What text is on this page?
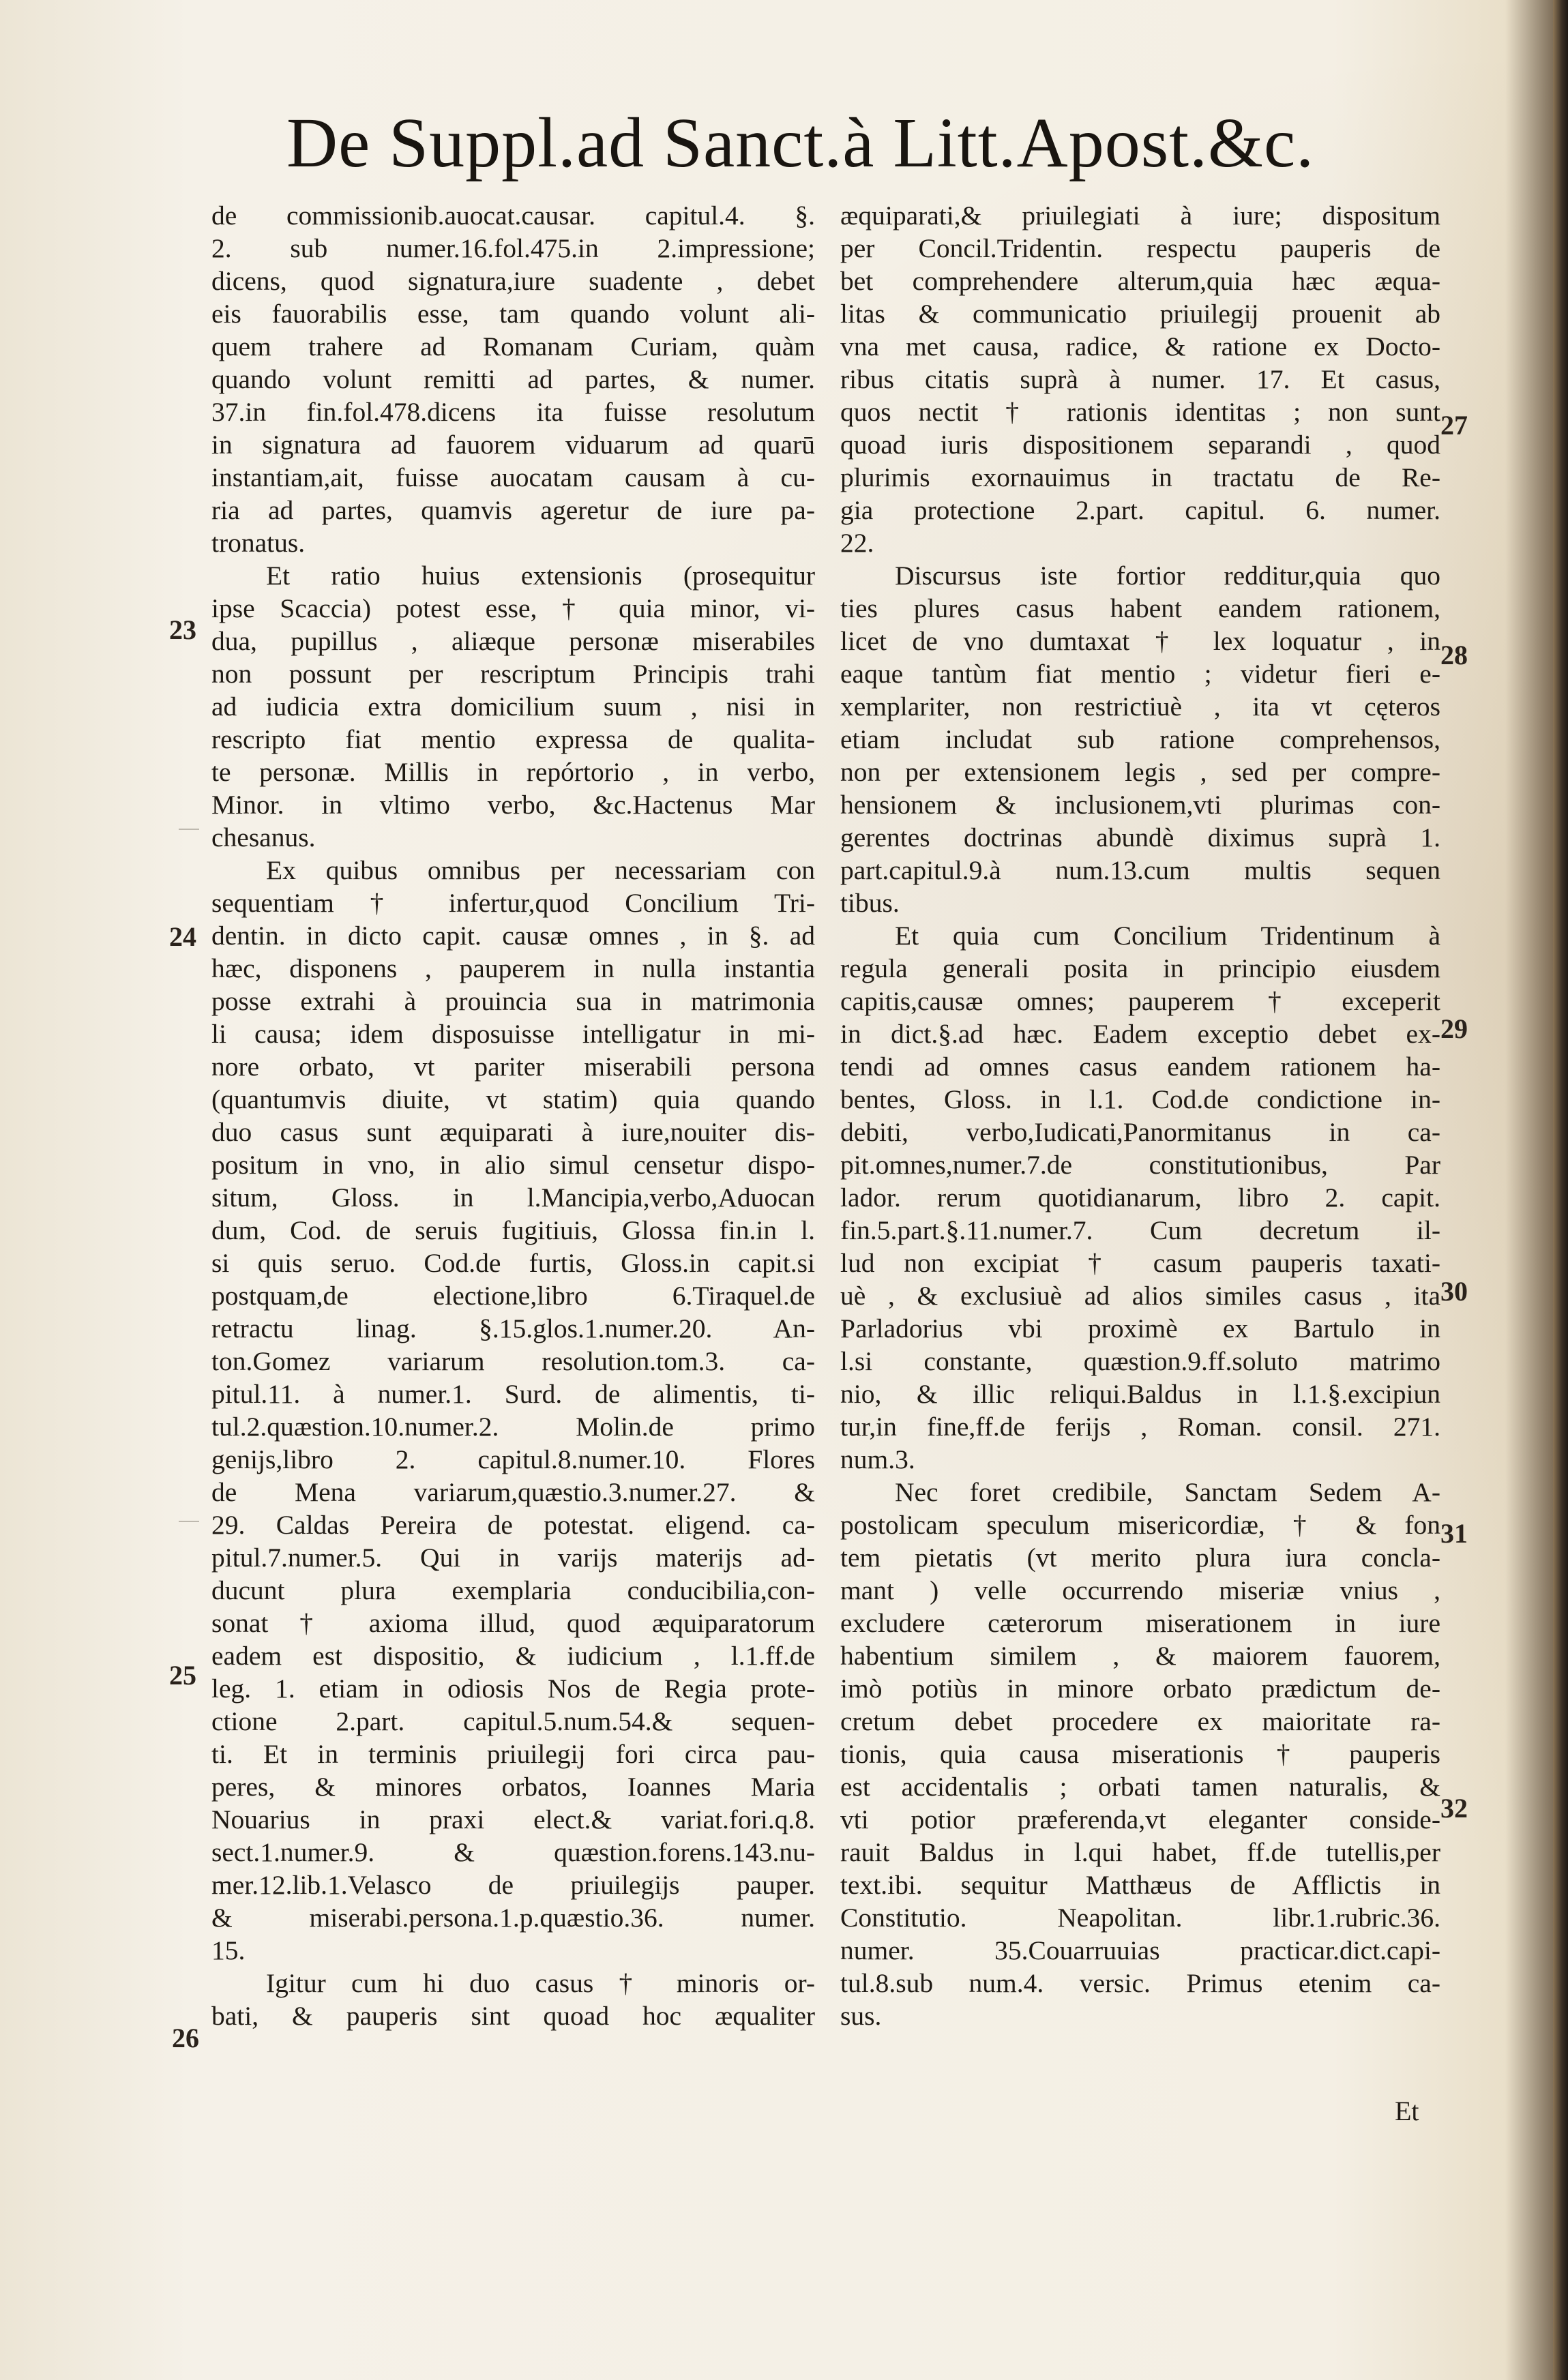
De Suppl.ad Sanct.à Litt.Apost.&c.
de commissionib.auocat.causar. capitul.4. §.
2. sub numer.16.fol.475.in 2.impressione;
dicens, quod signatura,iure suadente , debet
eis fauorabilis esse, tam quando volunt ali-
quem trahere ad Romanam Curiam, quàm
quando volunt remitti ad partes, & numer.
37.in fin.fol.478.dicens ita fuisse resolutum
in signatura ad fauorem viduarum ad quarū
instantiam,ait, fuisse auocatam causam à cu-
ria ad partes, quamvis ageretur de iure pa-
tronatus.
Et ratio huius extensionis (prosequitur
ipse Scaccia) potest esse, † quia minor, vi-
dua, pupillus , aliæque personæ miserabiles
non possunt per rescriptum Principis trahi
ad iudicia extra domicilium suum , nisi in
rescripto fiat mentio expressa de qualita-
te personæ. Millis in repórtorio , in verbo,
Minor. in vltimo verbo, &c.Hactenus Mar
chesanus.
Ex quibus omnibus per necessariam con
sequentiam † infertur,quod Concilium Tri-
dentin. in dicto capit. causæ omnes , in §. ad
hæc, disponens , pauperem in nulla instantia
posse extrahi à prouincia sua in matrimonia
li causa; idem disposuisse intelligatur in mi-
nore orbato, vt pariter miserabili persona
(quantumvis diuite, vt statim) quia quando
duo casus sunt æquiparati à iure,nouiter dis-
positum in vno, in alio simul censetur dispo-
situm, Gloss. in l.Mancipia,verbo,Aduocan
dum, Cod. de seruis fugitiuis, Glossa fin.in l.
si quis seruo. Cod.de furtis, Gloss.in capit.si
postquam,de electione,libro 6.Tiraquel.de
retractu linag. §.15.glos.1.numer.20. An-
ton.Gomez variarum resolution.tom.3. ca-
pitul.11. à numer.1. Surd. de alimentis, ti-
tul.2.quæstion.10.numer.2. Molin.de primo
genijs,libro 2. capitul.8.numer.10. Flores
de Mena variarum,quæstio.3.numer.27. &
29. Caldas Pereira de potestat. eligend. ca-
pitul.7.numer.5. Qui in varijs materijs ad-
ducunt plura exemplaria conducibilia,con-
sonat † axioma illud, quod æquiparatorum
eadem est dispositio, & iudicium , l.1.ff.de
leg. 1. etiam in odiosis Nos de Regia prote-
ctione 2.part. capitul.5.num.54.& sequen-
ti. Et in terminis priuilegij fori circa pau-
peres, & minores orbatos, Ioannes Maria
Nouarius in praxi elect.& variat.fori.q.8.
sect.1.numer.9. & quæstion.forens.143.nu-
mer.12.lib.1.Velasco de priuilegijs pauper.
& miserabi.persona.1.p.quæstio.36. numer.
15.
Igitur cum hi duo casus † minoris or-
bati, & pauperis sint quoad hoc æqualiter
æquiparati,& priuilegiati à iure; dispositum
per Concil.Tridentin. respectu pauperis de
bet comprehendere alterum,quia hæc æqua-
litas & communicatio priuilegij prouenit ab
vna met causa, radice, & ratione ex Docto-
ribus citatis suprà à numer. 17. Et casus,
quos nectit † rationis identitas ; non sunt
quoad iuris dispositionem separandi , quod
plurimis exornauimus in tractatu de Re-
gia protectione 2.part. capitul. 6. numer.
22.
Discursus iste fortior redditur,quia quo
ties plures casus habent eandem rationem,
licet de vno dumtaxat † lex loquatur , in
eaque tantùm fiat mentio ; videtur fieri e-
xemplariter, non restrictiuè , ita vt cęteros
etiam includat sub ratione comprehensos,
non per extensionem legis , sed per compre-
hensionem & inclusionem,vti plurimas con-
gerentes doctrinas abundè diximus suprà 1.
part.capitul.9.à num.13.cum multis sequen
tibus.
Et quia cum Concilium Tridentinum à
regula generali posita in principio eiusdem
capitis,causæ omnes; pauperem † exceperit
in dict.§.ad hæc. Eadem exceptio debet ex-
tendi ad omnes casus eandem rationem ha-
bentes, Gloss. in l.1. Cod.de condictione in-
debiti, verbo,Iudicati,Panormitanus in ca-
pit.omnes,numer.7.de constitutionibus, Par
lador. rerum quotidianarum, libro 2. capit.
fin.5.part.§.11.numer.7. Cum decretum il-
lud non excipiat † casum pauperis taxati-
uè , & exclusiuè ad alios similes casus , ita
Parladorius vbi proximè ex Bartulo in
l.si constante, quæstion.9.ff.soluto matrimo
nio, & illic reliqui.Baldus in l.1.§.excipiun
tur,in fine,ff.de ferijs , Roman. consil. 271.
num.3.
Nec foret credibile, Sanctam Sedem A-
postolicam speculum misericordiæ, † & fon
tem pietatis (vt merito plura iura concla-
mant ) velle occurrendo miseriæ vnius ,
excludere cæterorum miserationem in iure
habentium similem , & maiorem fauorem,
imò potiùs in minore orbato prædictum de-
cretum debet procedere ex maioritate ra-
tionis, quia causa miserationis † pauperis
est accidentalis ; orbati tamen naturalis, &
vti potior præferenda,vt eleganter conside-
rauit Baldus in l.qui habet, ff.de tutellis,per
text.ibi. sequitur Matthæus de Afflictis in
Constitutio. Neapolitan. libr.1.rubric.36.
numer. 35.Couarruuias practicar.dict.capi-
tul.8.sub num.4. versic. Primus etenim ca-
sus.
23
24
25
26
27
28
29
30
31
32
Et
